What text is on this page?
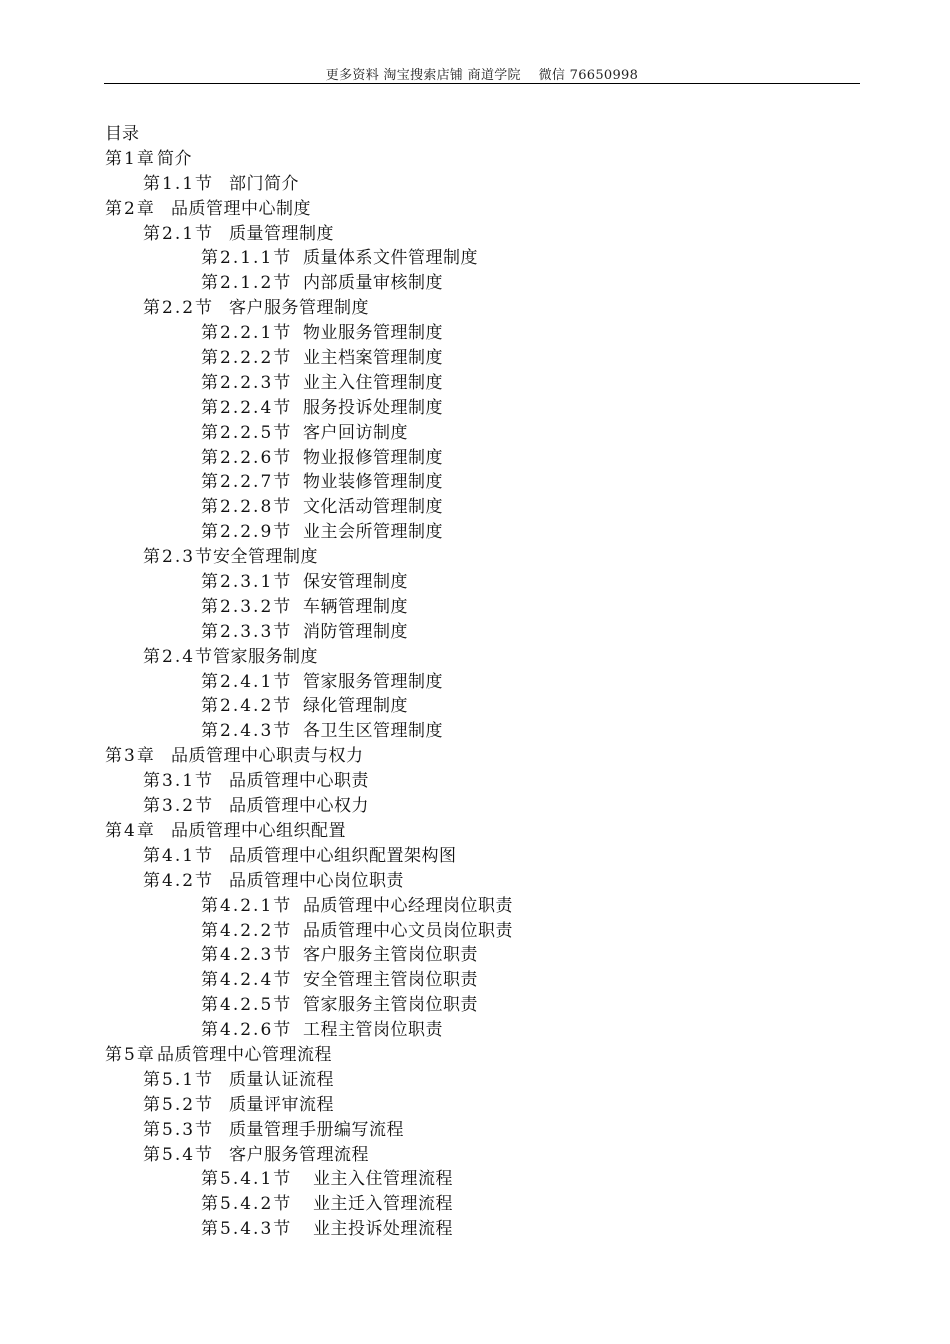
更多资料 淘宝搜索店铺 商道学院　 微信 76650998
目录
第1章简介
第1.1节 部门简介
第2章 品质管理中心制度
第2.1节 质量管理制度
第2.1.1节 质量体系文件管理制度
第2.1.2节 内部质量审核制度
第2.2节 客户服务管理制度
第2.2.1节 物业服务管理制度
第2.2.2节 业主档案管理制度
第2.2.3节 业主入住管理制度
第2.2.4节 服务投诉处理制度
第2.2.5节 客户回访制度
第2.2.6节 物业报修管理制度
第2.2.7节 物业装修管理制度
第2.2.8节 文化活动管理制度
第2.2.9节 业主会所管理制度
第2.3节安全管理制度
第2.3.1节 保安管理制度
第2.3.2节 车辆管理制度
第2.3.3节 消防管理制度
第2.4节管家服务制度
第2.4.1节 管家服务管理制度
第2.4.2节 绿化管理制度
第2.4.3节 各卫生区管理制度
第3章 品质管理中心职责与权力
第3.1节 品质管理中心职责
第3.2节 品质管理中心权力
第4章 品质管理中心组织配置
第4.1节 品质管理中心组织配置架构图
第4.2节 品质管理中心岗位职责
第4.2.1节 品质管理中心经理岗位职责
第4.2.2节 品质管理中心文员岗位职责
第4.2.3节 客户服务主管岗位职责
第4.2.4节 安全管理主管岗位职责
第4.2.5节 管家服务主管岗位职责
第4.2.6节 工程主管岗位职责
第5章品质管理中心管理流程
第5.1节 质量认证流程
第5.2节 质量评审流程
第5.3节 质量管理手册编写流程
第5.4节 客户服务管理流程
第5.4.1节 业主入住管理流程
第5.4.2节 业主迁入管理流程
第5.4.3节 业主投诉处理流程
